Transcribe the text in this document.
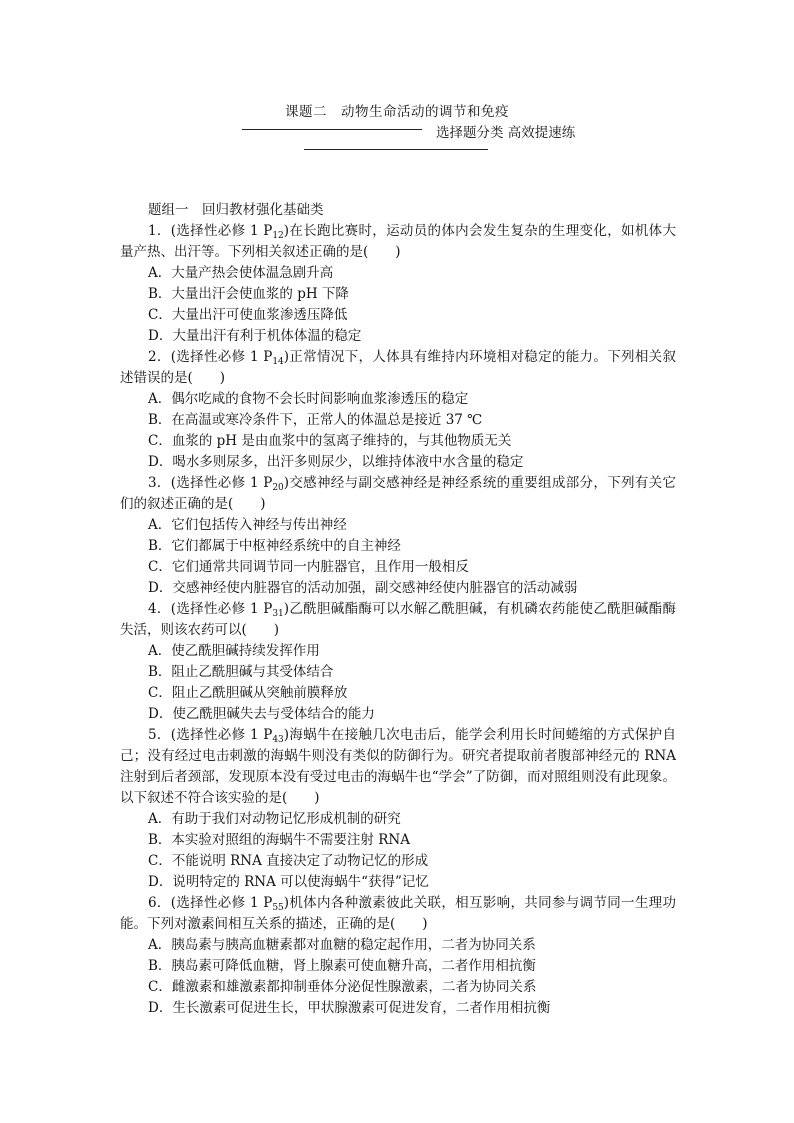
课题二　动物生命活动的调节和免疫
选择题分类 高效提速练
题组一　回归教材强化基础类
1．(选择性必修 1 $P_{12}$)在长跑比赛时，运动员的体内会发生复杂的生理变化，如机体大量产热、出汗等。下列相关叙述正确的是(　　)
A．大量产热会使体温急剧升高
B．大量出汗会使血浆的 pH 下降
C．大量出汗可使血浆渗透压降低
D．大量出汗有利于机体体温的稳定
2．(选择性必修 1 $P_{14}$)正常情况下，人体具有维持内环境相对稳定的能力。下列相关叙述错误的是(　　)
A．偶尔吃咸的食物不会长时间影响血浆渗透压的稳定
B．在高温或寒冷条件下，正常人的体温总是接近 37 ℃
C．血浆的 pH 是由血浆中的氢离子维持的，与其他物质无关
D．喝水多则尿多，出汗多则尿少，以维持体液中水含量的稳定
3．(选择性必修 1 $P_{20}$)交感神经与副交感神经是神经系统的重要组成部分，下列有关它们的叙述正确的是(　　)
A．它们包括传入神经与传出神经
B．它们都属于中枢神经系统中的自主神经
C．它们通常共同调节同一内脏器官，且作用一般相反
D．交感神经使内脏器官的活动加强，副交感神经使内脏器官的活动减弱
4．(选择性必修 1 $P_{31}$)乙酰胆碱酯酶可以水解乙酰胆碱，有机磷农药能使乙酰胆碱酯酶失活，则该农药可以(　　)
A．使乙酰胆碱持续发挥作用
B．阻止乙酰胆碱与其受体结合
C．阻止乙酰胆碱从突触前膜释放
D．使乙酰胆碱失去与受体结合的能力
5．(选择性必修 1 $P_{43}$)海蜗牛在接触几次电击后，能学会利用长时间蜷缩的方式保护自己；没有经过电击刺激的海蜗牛则没有类似的防御行为。研究者提取前者腹部神经元的 RNA 注射到后者颈部，发现原本没有受过电击的海蜗牛也“学会”了防御，而对照组则没有此现象。以下叙述不符合该实验的是(　　)
A．有助于我们对动物记忆形成机制的研究
B．本实验对照组的海蜗牛不需要注射 RNA
C．不能说明 RNA 直接决定了动物记忆的形成
D．说明特定的 RNA 可以使海蜗牛“获得”记忆
6．(选择性必修 1 $P_{55}$)机体内各种激素彼此关联，相互影响，共同参与调节同一生理功能。下列对激素间相互关系的描述，正确的是(　　)
A．胰岛素与胰高血糖素都对血糖的稳定起作用，二者为协同关系
B．胰岛素可降低血糖，肾上腺素可使血糖升高，二者作用相抗衡
C．雌激素和雄激素都抑制垂体分泌促性腺激素，二者为协同关系
D．生长激素可促进生长，甲状腺激素可促进发育，二者作用相抗衡
